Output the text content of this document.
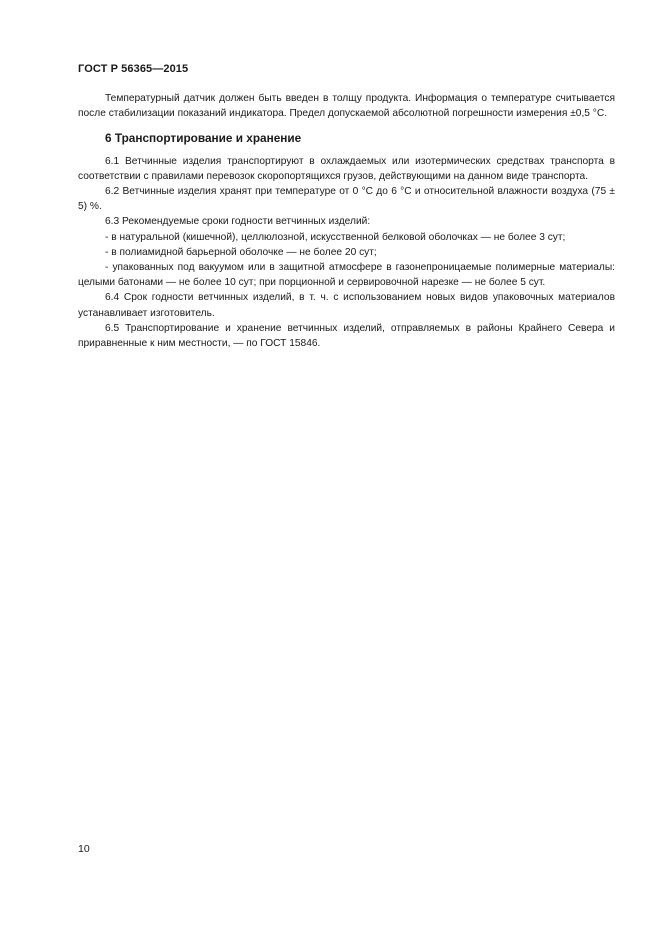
ГОСТ Р 56365—2015

Температурный датчик должен быть введен в толщу продукта. Информация о температуре считывается после стабилизации показаний индикатора. Предел допускаемой абсолютной погрешности измерения ±0,5 °С.

6 Транспортирование и хранение

6.1 Ветчинные изделия транспортируют в охлаждаемых или изотермических средствах транспорта в соответствии с правилами перевозок скоропортящихся грузов, действующими на данном виде транспорта.

6.2 Ветчинные изделия хранят при температуре от 0 °С до 6 °С и относительной влажности воздуха (75 ± 5) %.

6.3 Рекомендуемые сроки годности ветчинных изделий:

- в натуральной (кишечной), целлюлозной, искусственной белковой оболочках — не более 3 сут;

- в полиамидной барьерной оболочке — не более 20 сут;

- упакованных под вакуумом или в защитной атмосфере в газонепроницаемые полимерные материалы: целыми батонами — не более 10 сут; при порционной и сервировочной нарезке — не более 5 сут.

6.4 Срок годности ветчинных изделий, в т. ч. с использованием новых видов упаковочных материалов устанавливает изготовитель.

6.5 Транспортирование и хранение ветчинных изделий, отправляемых в районы Крайнего Севера и приравненные к ним местности, — по ГОСТ 15846.

10
